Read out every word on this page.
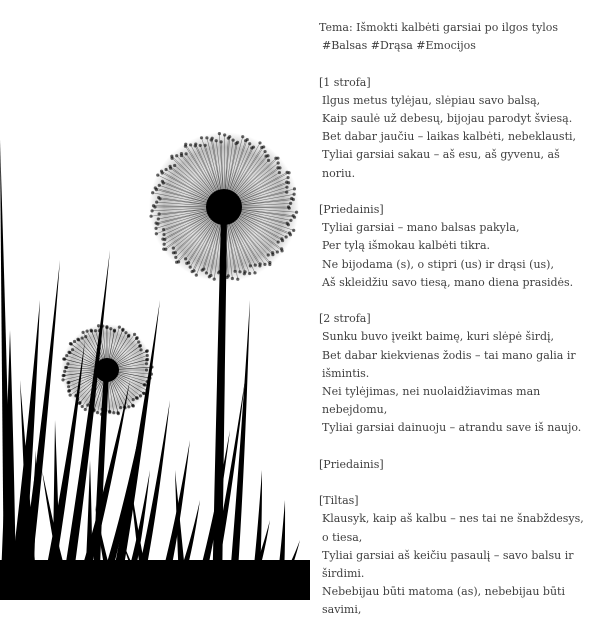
Tema: Išmokti kalbėti garsiai po ilgos tylos
#Balsas #Drąsa #Emocijos
[1 strofa]
Ilgus metus tylėjau, slėpiau savo balsą,
Kaip saulė už debesų, bijojau parodyt šviesą.
Bet dabar jaučiu – laikas kalbėti, nebeklausti,
Tyliai garsiai sakau – aš esu, aš gyvenu, aš noriu.
[Priedainis]
Tyliai garsiai – mano balsas pakyla,
Per tylą išmokau kalbėti tikra.
Ne bijodama (s), o stipri (us) ir drąsi (us),
Aš skleidžiu savo tiesą, mano diena prasidės.
[2 strofa]
Sunku buvo įveikt baimę, kuri slėpė širdį,
Bet dabar kiekvienas žodis – tai mano galia ir išmintis.
Nei tylėjimas, nei nuolaidžiavimas man nebejdomu,
Tyliai garsiai dainuoju – atrandu save iš naujo.
[Priedainis]
[Tiltas]
Klausyk, kaip aš kalbu – nes tai ne šnabždesys, o tiesa,
Tyliai garsiai aš keičiu pasaulį – savo balsu ir širdimi.
Nebebijau būti matoma (as), nebebijau būti savimi,
